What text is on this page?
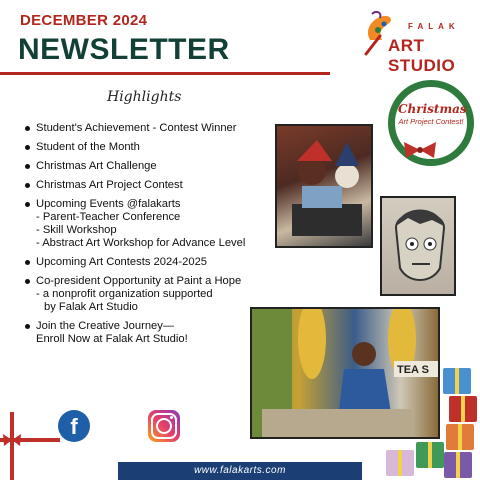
DECEMBER 2024
NEWSLETTER
FALAK
ART STUDIO
Highlights
Student's Achievement - Contest Winner
Student of the Month
Christmas Art Challenge
Christmas Art Project Contest
Upcoming Events @falakarts
- Parent-Teacher Conference
- Skill Workshop
- Abstract Art Workshop for Advance Level
Upcoming Art Contests 2024-2025
Co-president Opportunity at Paint a Hope
- a nonprofit organization supported
by Falak Art Studio
Join the Creative Journey—
Enroll Now at Falak Art Studio!
Christmas
Art Project Contest!
TEA S
f
www.falakarts.com
